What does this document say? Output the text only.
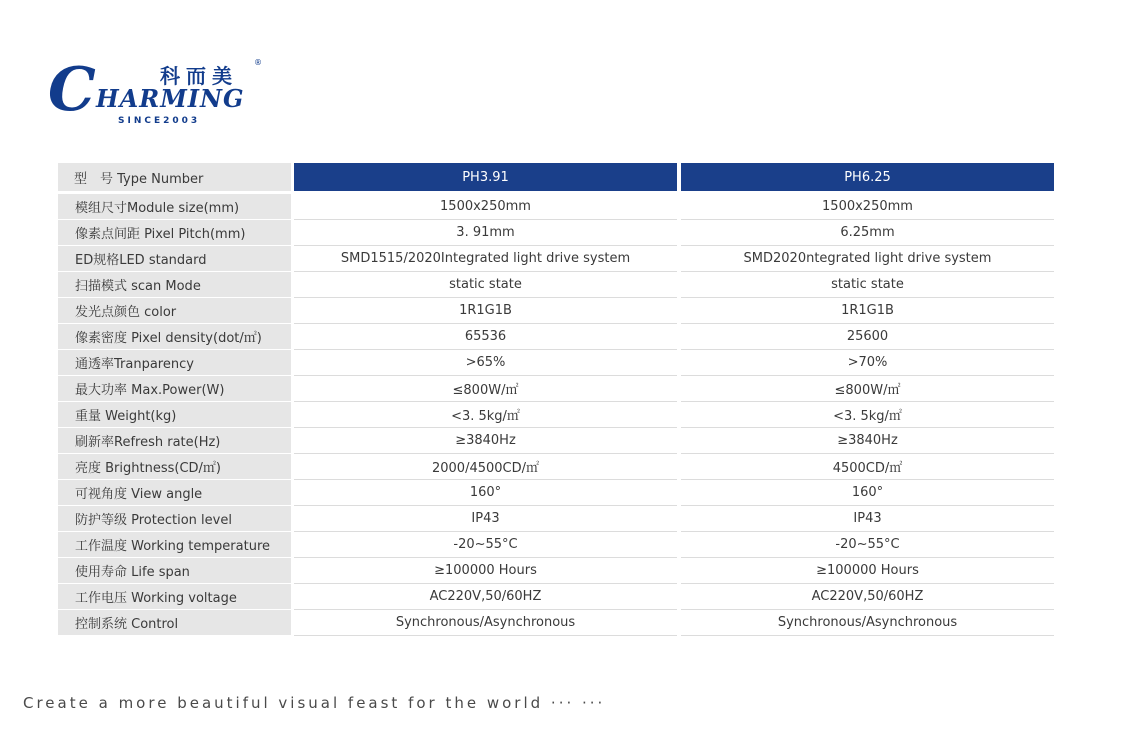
C	科而美
®
HARMING
SINCE2003
型　号 Type Number		PH3.91		PH6.25
模组尺寸Module size(mm)		1500x250mm		1500x250mm
像素点间距 Pixel Pitch(mm)		3. 91mm		6.25mm
ED规格LED standard		SMD1515/2020Integrated light drive system		SMD2020ntegrated light drive system
扫描模式 scan Mode		static state		static state
发光点颜色 color		1R1G1B		1R1G1B
像素密度 Pixel density(dot/㎡)		65536		25600
通透率Tranparency		>65%		>70%
最大功率 Max.Power(W)		≤800W/㎡		≤800W/㎡
重量 Weight(kg)		<3. 5kg/㎡		<3. 5kg/㎡
刷新率Refresh rate(Hz)		≥3840Hz		≥3840Hz
亮度 Brightness(CD/㎡)		2000/4500CD/㎡		4500CD/㎡
可视角度 View angle		160°		160°
防护等级 Protection level		IP43		IP43
工作温度 Working temperature		-20~55°C		-20~55°C
使用寿命 Life span		≥100000 Hours		≥100000 Hours
工作电压 Working voltage		AC220V,50/60HZ		AC220V,50/60HZ
控制系统 Control		Synchronous/Asynchronous		Synchronous/Asynchronous
Create a more beautiful visual feast for the world ··· ···
